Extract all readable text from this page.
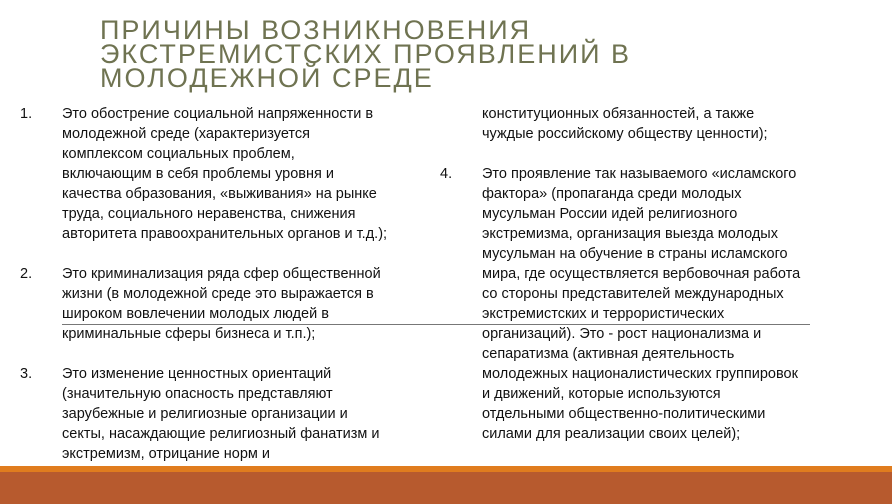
ПРИЧИНЫ ВОЗНИКНОВЕНИЯ
ЭКСТРЕМИСТСКИХ ПРОЯВЛЕНИЙ В
МОЛОДЕЖНОЙ СРЕДЕ
1.	Это обострение социальной напряженности в
молодежной среде (характеризуется
комплексом социальных проблем,
включающим в себя проблемы уровня и
качества образования, «выживания» на рынке
труда, социального неравенства, снижения
авторитета правоохранительных органов и т.д.);
2.	Это криминализация ряда сфер общественной
жизни (в молодежной среде это выражается в
широком вовлечении молодых людей в
криминальные сферы бизнеса и т.п.);
3.	Это изменение ценностных ориентаций
(значительную опасность представляют
зарубежные и религиозные организации и
секты, насаждающие религиозный фанатизм и
экстремизм, отрицание норм и
конституционных обязанностей, а также
чуждые российскому обществу ценности);
4.	Это проявление так называемого «исламского
фактора» (пропаганда среди молодых
мусульман России идей религиозного
экстремизма, организация выезда молодых
мусульман на обучение в страны исламского
мира, где осуществляется вербовочная работа
со стороны представителей международных
экстремистских и террористических
организаций). Это - рост национализма и
сепаратизма (активная деятельность
молодежных националистических группировок
и движений, которые используются
отдельными общественно-политическими
силами для реализации своих целей);
